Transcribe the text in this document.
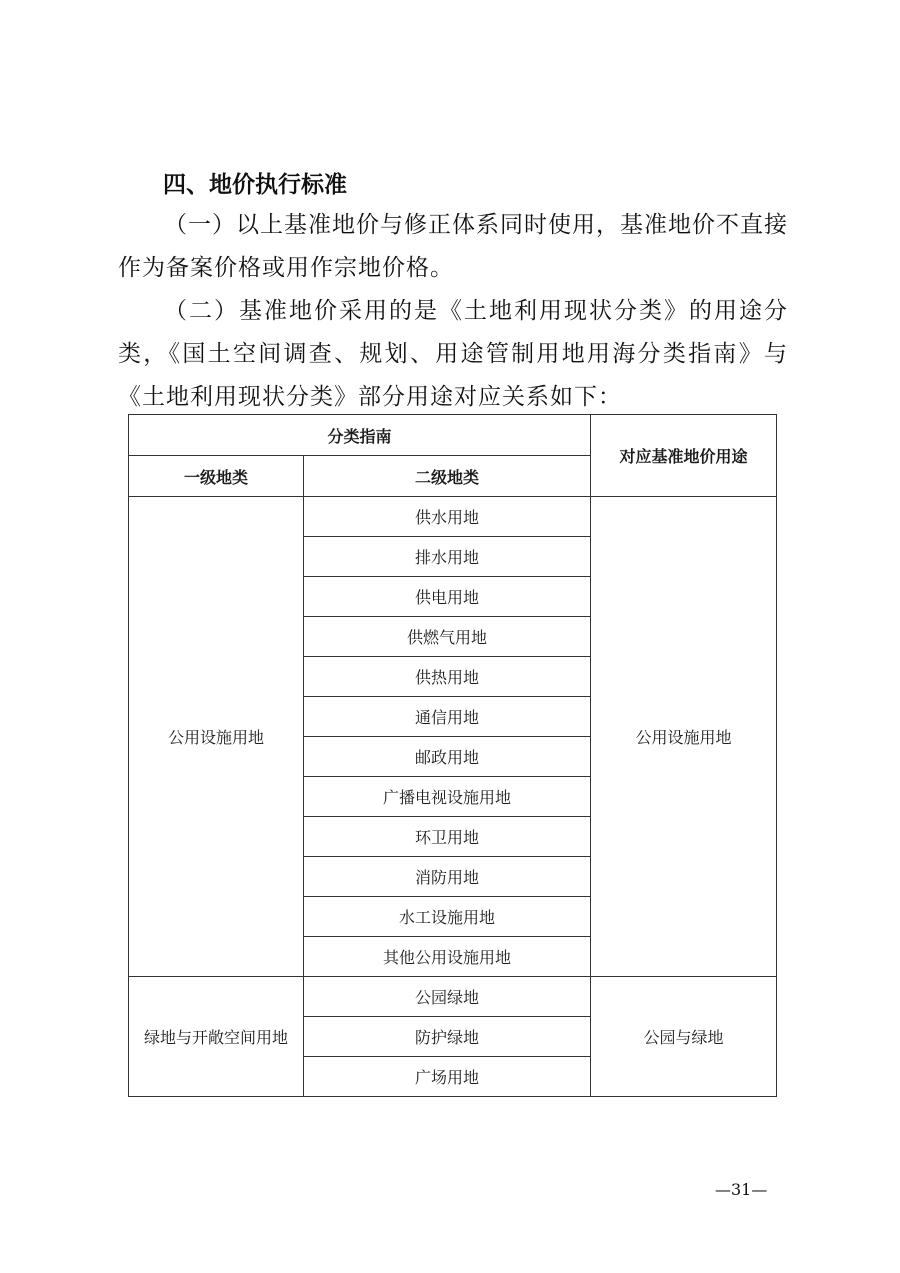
四、地价执行标准
（一）以上基准地价与修正体系同时使用，基准地价不直接作为备案价格或用作宗地价格。
（二）基准地价采用的是《土地利用现状分类》的用途分类，《国土空间调查、规划、用途管制用地用海分类指南》与《土地利用现状分类》部分用途对应关系如下：
分类指南		对应基准地价用途
一级地类	二级地类	
公用设施用地	供水用地	公用设施用地
	排水用地	
	供电用地	
	供燃气用地	
	供热用地	
	通信用地	
	邮政用地	
	广播电视设施用地	
	环卫用地	
	消防用地	
	水工设施用地	
	其他公用设施用地	
绿地与开敞空间用地	公园绿地	公园与绿地
	防护绿地	
	广场用地	
—31—
